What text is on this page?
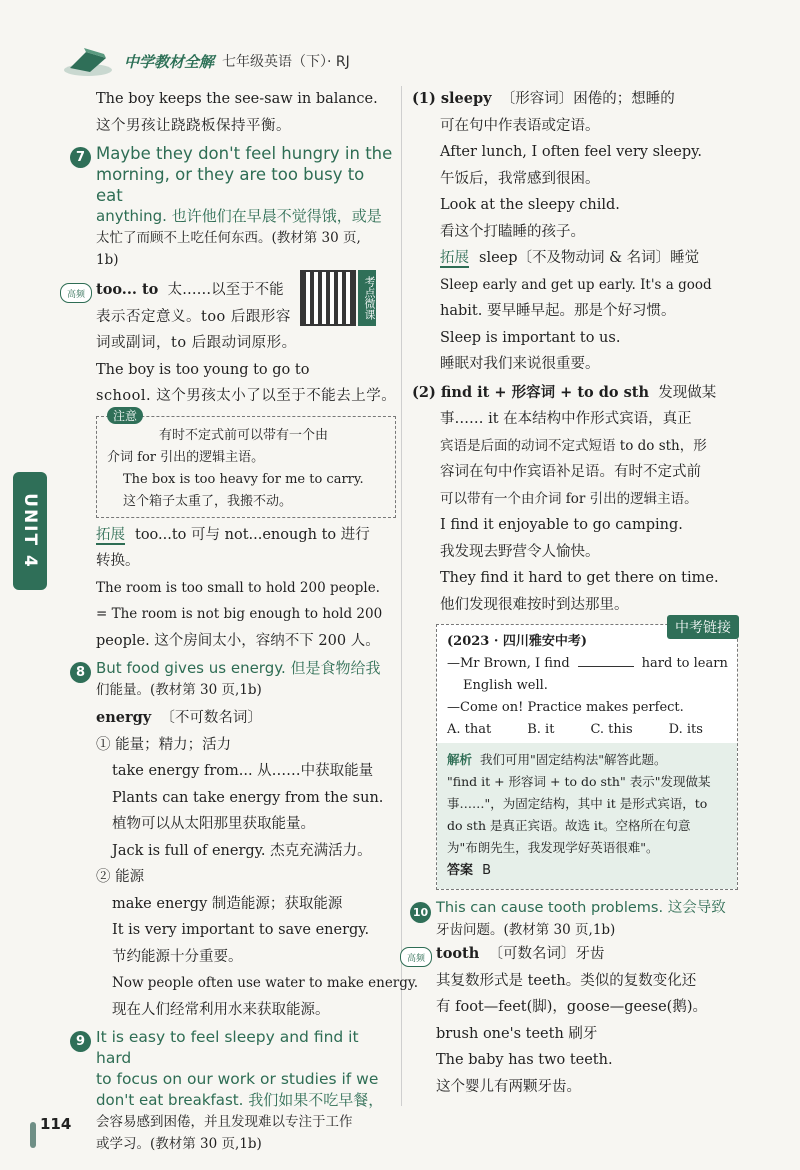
中学教材全解 七年级英语（下）· RJ
UNIT 4
The boy keeps the see-saw in balance.
这个男孩让跷跷板保持平衡。
7 Maybe they don't feel hungry in the
morning, or they are too busy to eat
anything. 也许他们在早晨不觉得饿，或是
太忙了而顾不上吃任何东西。(教材第 30 页,
1b)
高频 too... to 太……以至于不能
表示否定意义。too 后跟形容
词或副词，to 后跟动词原形。
The boy is too young to go to
school. 这个男孩太小了以至于不能去上学。
注意
有时不定式前可以带有一个由
介词 for 引出的逻辑主语。
The box is too heavy for me to carry.
这个箱子太重了，我搬不动。
拓展 too...to 可与 not...enough to 进行
转换。
The room is too small to hold 200 people.
= The room is not big enough to hold 200
people. 这个房间太小，容纳不下 200 人。
8 But food gives us energy. 但是食物给我
们能量。(教材第 30 页,1b)
energy 〔不可数名词〕
① 能量；精力；活力
take energy from... 从……中获取能量
Plants can take energy from the sun.
植物可以从太阳那里获取能量。
Jack is full of energy. 杰克充满活力。
② 能源
make energy 制造能源；获取能源
It is very important to save energy.
节约能源十分重要。
Now people often use water to make energy.
现在人们经常利用水来获取能源。
9 It is easy to feel sleepy and find it hard
to focus on our work or studies if we
don't eat breakfast. 我们如果不吃早餐，
会容易感到困倦，并且发现难以专注于工作
或学习。(教材第 30 页,1b)
考点微课
(1) sleepy 〔形容词〕困倦的；想睡的
可在句中作表语或定语。
After lunch, I often feel very sleepy.
午饭后，我常感到很困。
Look at the sleepy child.
看这个打瞌睡的孩子。
拓展 sleep〔不及物动词 & 名词〕睡觉
Sleep early and get up early. It's a good
habit. 要早睡早起。那是个好习惯。
Sleep is important to us.
睡眠对我们来说很重要。
(2) find it + 形容词 + to do sth 发现做某
事…… it 在本结构中作形式宾语，真正
宾语是后面的动词不定式短语 to do sth，形
容词在句中作宾语补足语。有时不定式前
可以带有一个由介词 for 引出的逻辑主语。
I find it enjoyable to go camping.
我发现去野营令人愉快。
They find it hard to get there on time.
他们发现很难按时到达那里。
中考链接
(2023 · 四川雅安中考)
—Mr Brown, I find	hard to learn
English well.
—Come on! Practice makes perfect.
A. that	B. it	C. this	D. its
解析 我们可用"固定结构法"解答此题。
"find it + 形容词 + to do sth" 表示"发现做某
事……"，为固定结构，其中 it 是形式宾语，to
do sth 是真正宾语。故选 it。空格所在句意
为"布朗先生，我发现学好英语很难"。
答案 B
10 This can cause tooth problems. 这会导致
牙齿问题。(教材第 30 页,1b)
高频 tooth 〔可数名词〕牙齿
其复数形式是 teeth。类似的复数变化还
有 foot—feet(脚)，goose—geese(鹅)。
brush one's teeth 刷牙
The baby has two teeth.
这个婴儿有两颗牙齿。
114
